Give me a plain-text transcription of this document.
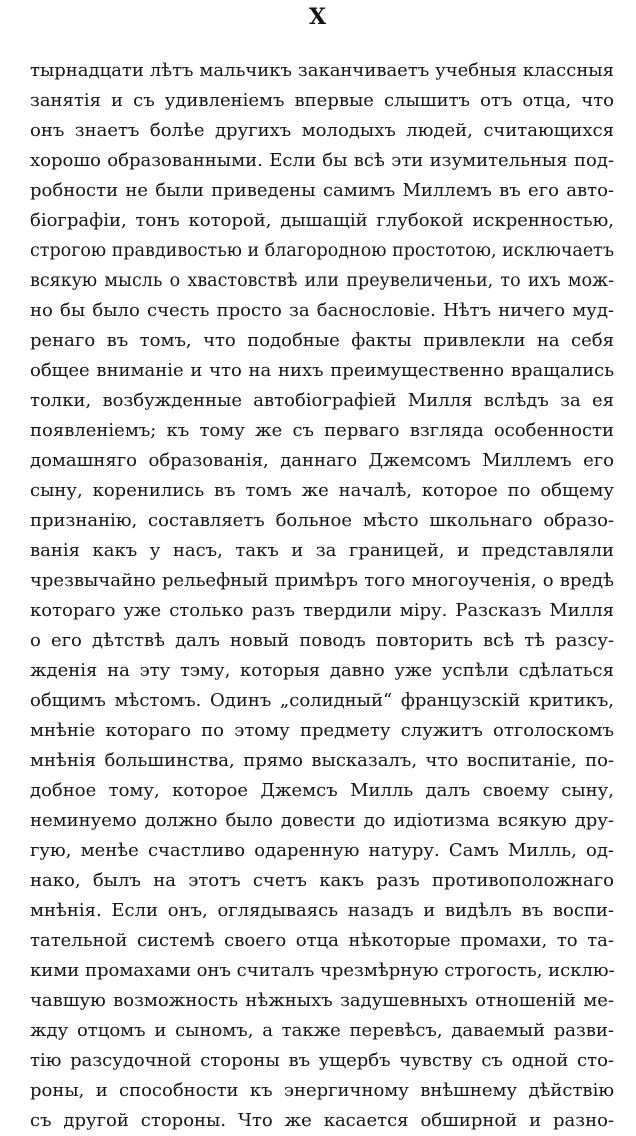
X
тырнадцати лѣтъ мальчикъ заканчиваетъ учебныя классныя
занятія и съ удивленіемъ впервые слышитъ отъ отца, что
онъ знаетъ болѣе другихъ молодыхъ людей, считающихся
хорошо образованными. Если бы всѣ эти изумительныя под-
робности не были приведены самимъ Миллемъ въ его авто-
біографіи, тонъ которой, дышащій глубокой искренностью,
строгою правдивостью и благородною простотою, исключаетъ
всякую мысль о хвастовствѣ или преувеличеньи, то ихъ мож-
но бы было счесть просто за баснословіе. Нѣтъ ничего муд-
ренаго въ томъ, что подобные факты привлекли на себя
общее вниманіе и что на нихъ преимущественно вращались
толки, возбужденные автобіографіей Милля вслѣдъ за ея
появленіемъ; къ тому же съ перваго взгляда особенности
домашняго образованія, даннаго Джемсомъ Миллемъ его
сыну, коренились въ томъ же началѣ, которое по общему
признанію, составляетъ больное мѣсто школьнаго образо-
ванія какъ у насъ, такъ и за границей, и представляли
чрезвычайно рельефный примѣръ того многоученія, о вредѣ
котораго уже столько разъ твердили міру. Разсказъ Милля
о его дѣтствѣ далъ новый поводъ повторить всѣ тѣ разсу-
жденія на эту тэму, которыя давно уже успѣли сдѣлаться
общимъ мѣстомъ. Одинъ „солидный“ французскій критикъ,
мнѣніе котораго по этому предмету служитъ отголоскомъ
мнѣнія большинства, прямо высказалъ, что воспитаніе, по-
добное тому, которое Джемсъ Милль далъ своему сыну,
неминуемо должно было довести до идіотизма всякую дру-
гую, менѣе счастливо одаренную натуру. Самъ Милль, од-
нако, былъ на этотъ счетъ какъ разъ противоположнаго
мнѣнія. Если онъ, оглядываясь назадъ и видѣлъ въ воспи-
тательной системѣ своего отца нѣкоторые промахи, то та-
кими промахами онъ считалъ чрезмѣрную строгость, исклю-
чавшую возможность нѣжныхъ задушевныхъ отношеній ме-
жду отцомъ и сыномъ, а также перевѣсъ, даваемый разви-
тію разсудочной стороны въ ущербъ чувству съ одной сто-
роны, и способности къ энергичному внѣшнему дѣйствію
съ другой стороны. Что же касается обширной и разно-
